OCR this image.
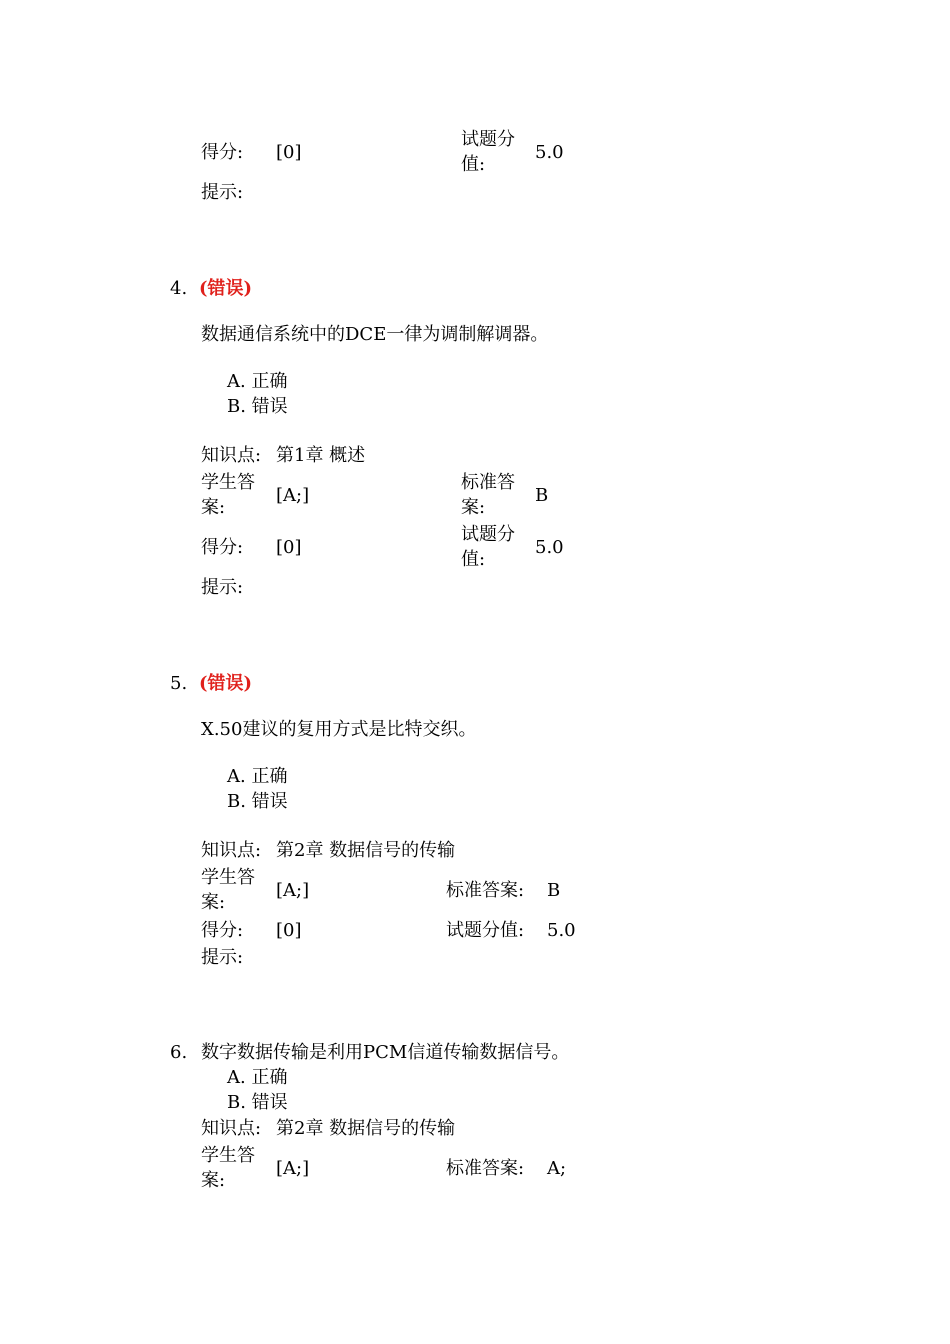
得分: [0]
试题分值:
5.0
提示:
4. (错误)
数据通信系统中的DCE一律为调制解调器。
A. 正确
B. 错误
知识点: 第1章 概述
学生答案:
[A;]
标准答案:
B
得分: [0]
试题分值:
5.0
提示:
5. (错误)
X.50建议的复用方式是比特交织。
A. 正确
B. 错误
知识点: 第2章 数据信号的传输
学生答案:
[A;]	标准答案: B
得分: [0]	试题分值: 5.0
提示:
6. 数字数据传输是利用PCM信道传输数据信号。
A. 正确
B. 错误
知识点: 第2章 数据信号的传输
学生答案:
[A;]	标准答案: A;
